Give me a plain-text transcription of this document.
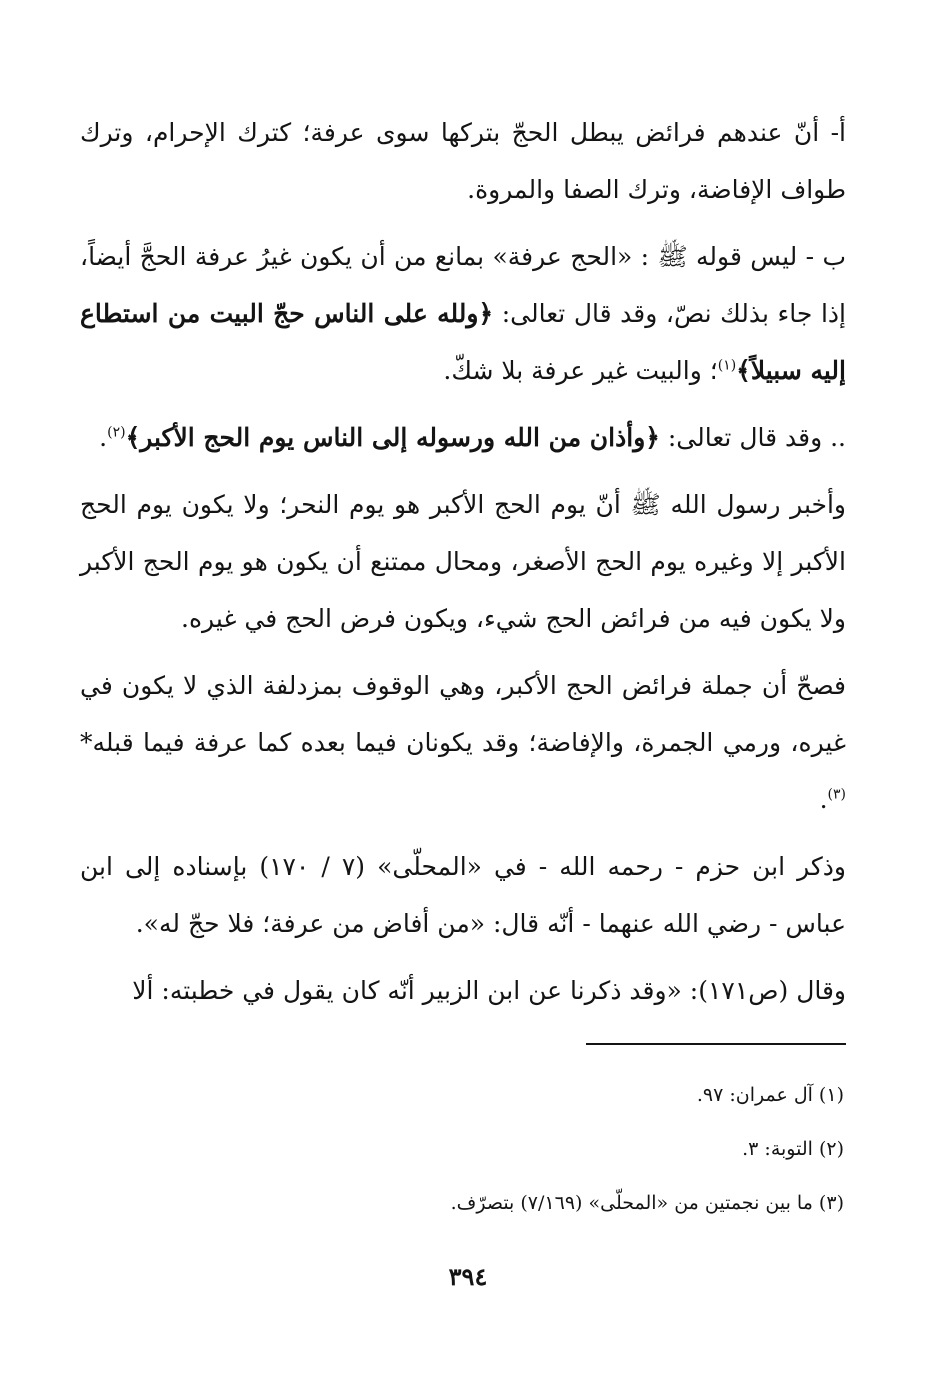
أ- أنّ عندهم فرائض يبطل الحجّ بتركها سوى عرفة؛ كترك الإحرام، وترك طواف الإفاضة، وترك الصفا والمروة.

ب - ليس قوله ﷺ : «الحج عرفة» بمانع من أن يكون غيرُ عرفة الحجَّ أيضاً، إذا جاء بذلك نصّ، وقد قال تعالى: ﴿ولله على الناس حجّ البيت من استطاع إليه سبيلاً﴾$^{(١)}$؛ والبيت غير عرفة بلا شكّ.

.. وقد قال تعالى: ﴿وأذان من الله ورسوله إلى الناس يوم الحج الأكبر﴾$^{(٢)}$.

وأخبر رسول الله ﷺ أنّ يوم الحج الأكبر هو يوم النحر؛ ولا يكون يوم الحج الأكبر إلا وغيره يوم الحج الأصغر، ومحال ممتنع أن يكون هو يوم الحج الأكبر ولا يكون فيه من فرائض الحج شيء، ويكون فرض الحج في غيره.

فصحّ أن جملة فرائض الحج الأكبر، وهي الوقوف بمزدلفة الذي لا يكون في غيره، ورمي الجمرة، والإفاضة؛ وقد يكونان فيما بعده كما عرفة فيما قبله*$^{(٣)}$.

وذكر ابن حزم - رحمه الله - في «المحلّى» (٧ / ١٧٠) بإسناده إلى ابن عباس - رضي الله عنهما - أنّه قال: «من أفاض من عرفة؛ فلا حجّ له».

وقال (ص١٧١): «وقد ذكرنا عن ابن الزبير أنّه كان يقول في خطبته: ألا

(١) آل عمران: ٩٧.

(٢) التوبة: ٣.

(٣) ما بين نجمتين من «المحلّى» (٧/١٦٩) بتصرّف.

٣٩٤
